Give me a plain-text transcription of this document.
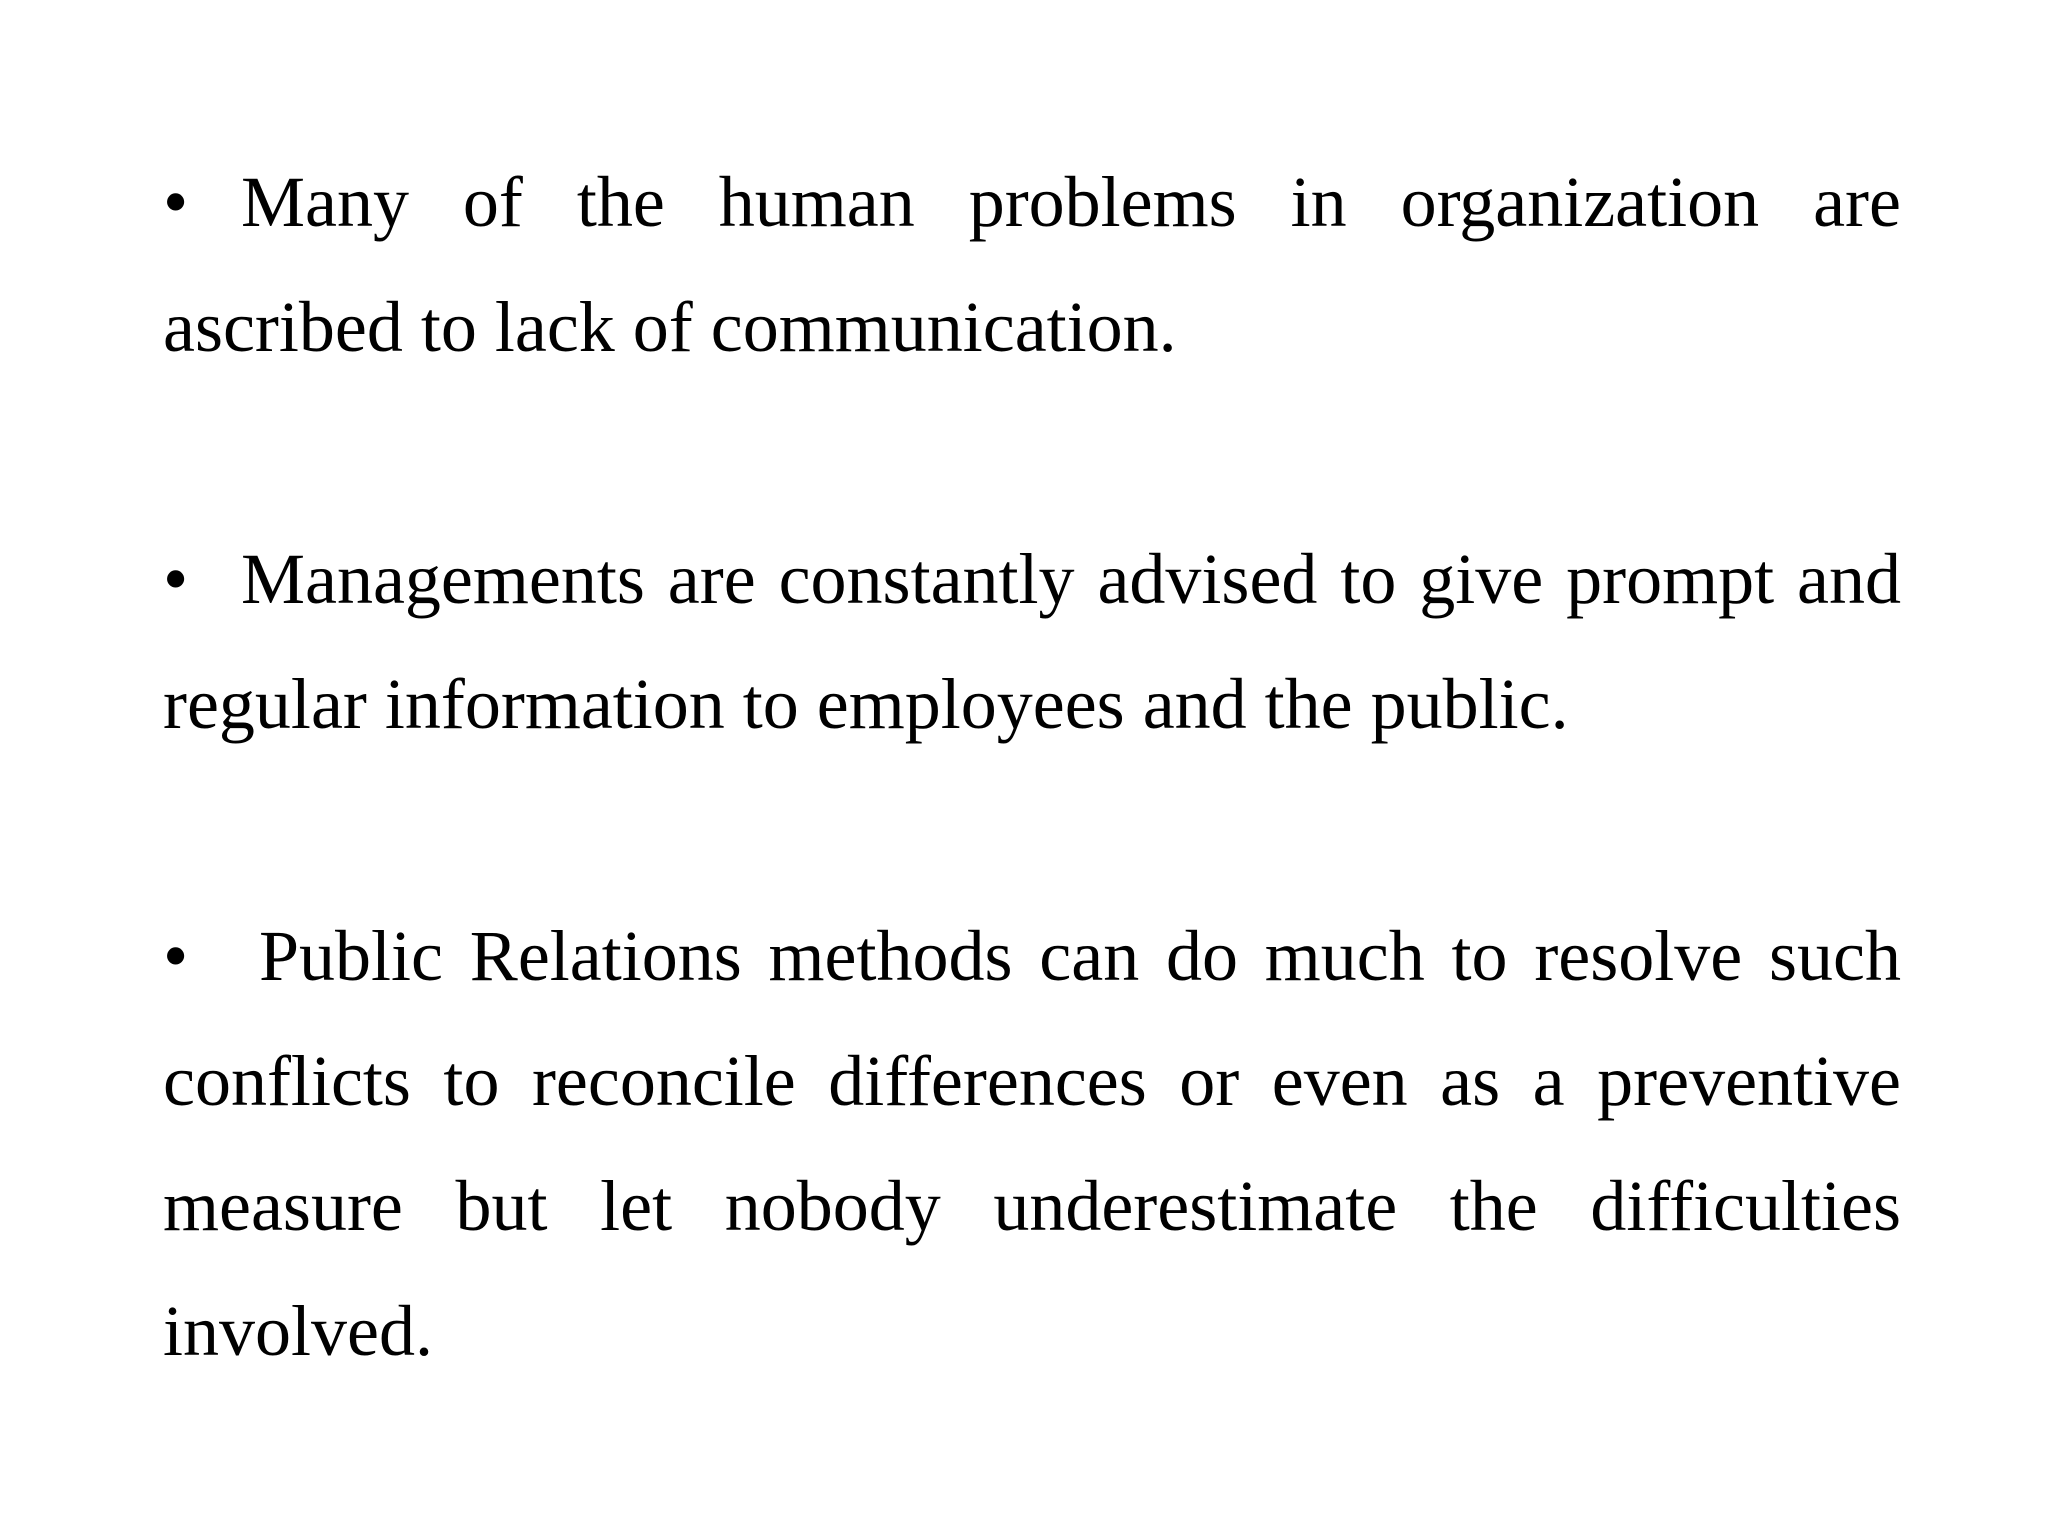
• Many of the human problems in organization are ascribed to lack of communication.
• Managements are constantly advised to give prompt and regular information to employees and the public.
• Public Relations methods can do much to resolve such conflicts to reconcile differences or even as a preventive measure but let nobody underestimate the difficulties involved.
